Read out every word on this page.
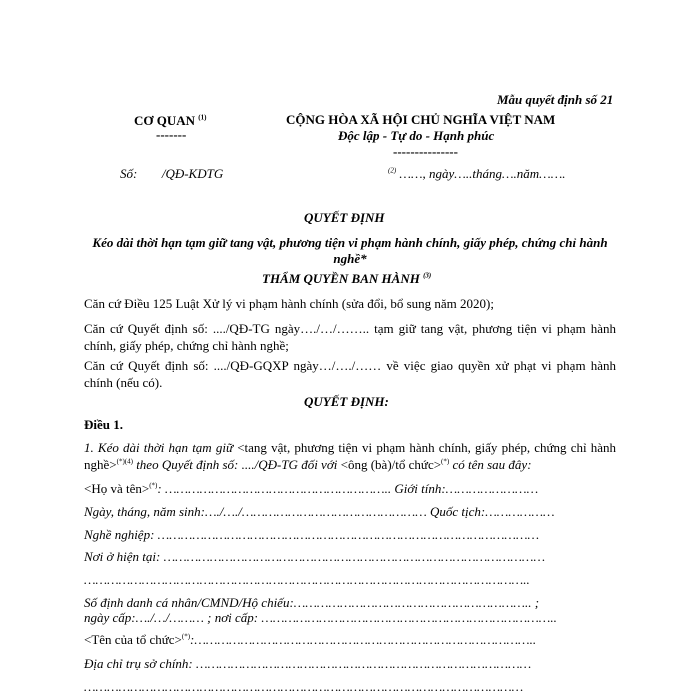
Mẫu quyết định số 21
CƠ QUAN $^{(1)}$
-------
CỘNG HÒA XÃ HỘI CHỦ NGHĨA VIỆT NAM
Độc lập - Tự do - Hạnh phúc
---------------
Số: /QĐ-KDTG	$^{(2)}$ ……, ngày…..tháng….năm…….
QUYẾT ĐỊNH
Kéo dài thời hạn tạm giữ tang vật, phương tiện vi phạm hành chính, giấy phép, chứng chỉ hành nghề*
THẨM QUYỀN BAN HÀNH $^{(3)}$
Căn cứ Điều 125 Luật Xử lý vi phạm hành chính (sửa đổi, bổ sung năm 2020);
Căn cứ Quyết định số: ..../QĐ-TG ngày…./…/…….. tạm giữ tang vật, phương tiện vi phạm hành chính, giấy phép, chứng chỉ hành nghề;
Căn cứ Quyết định số: ..../QĐ-GQXP ngày…/…./…… về việc giao quyền xử phạt vi phạm hành chính (nếu có).
QUYẾT ĐỊNH:
Điều 1.
1. Kéo dài thời hạn tạm giữ <tang vật, phương tiện vi phạm hành chính, giấy phép, chứng chỉ hành nghề>$^{(*)(4)}$ theo Quyết định số: ..../QĐ-TG đối với <ông (bà)/tổ chức>(*) có tên sau đây:
<Họ và tên>(*): ………………………………………………….. Giới tính:……………………
Ngày, tháng, năm sinh:…./…./………………………………………… Quốc tịch:………………
Nghề nghiệp: ………………………………………………………………………………………
Nơi ở hiện tại: ………………………………………………………………………………………
……………………………………………………………………………………………………..
Số định danh cá nhân/CMND/Hộ chiếu:…………………………………………………….. ;
ngày cấp:…./…/……… ; nơi cấp: …………………………………………………………………..
<Tên của tổ chức>(*):……………………………………………………………………………..
Địa chỉ trụ sở chính: ……………………………………………………………………………
……………………………………………………………………………………………………
